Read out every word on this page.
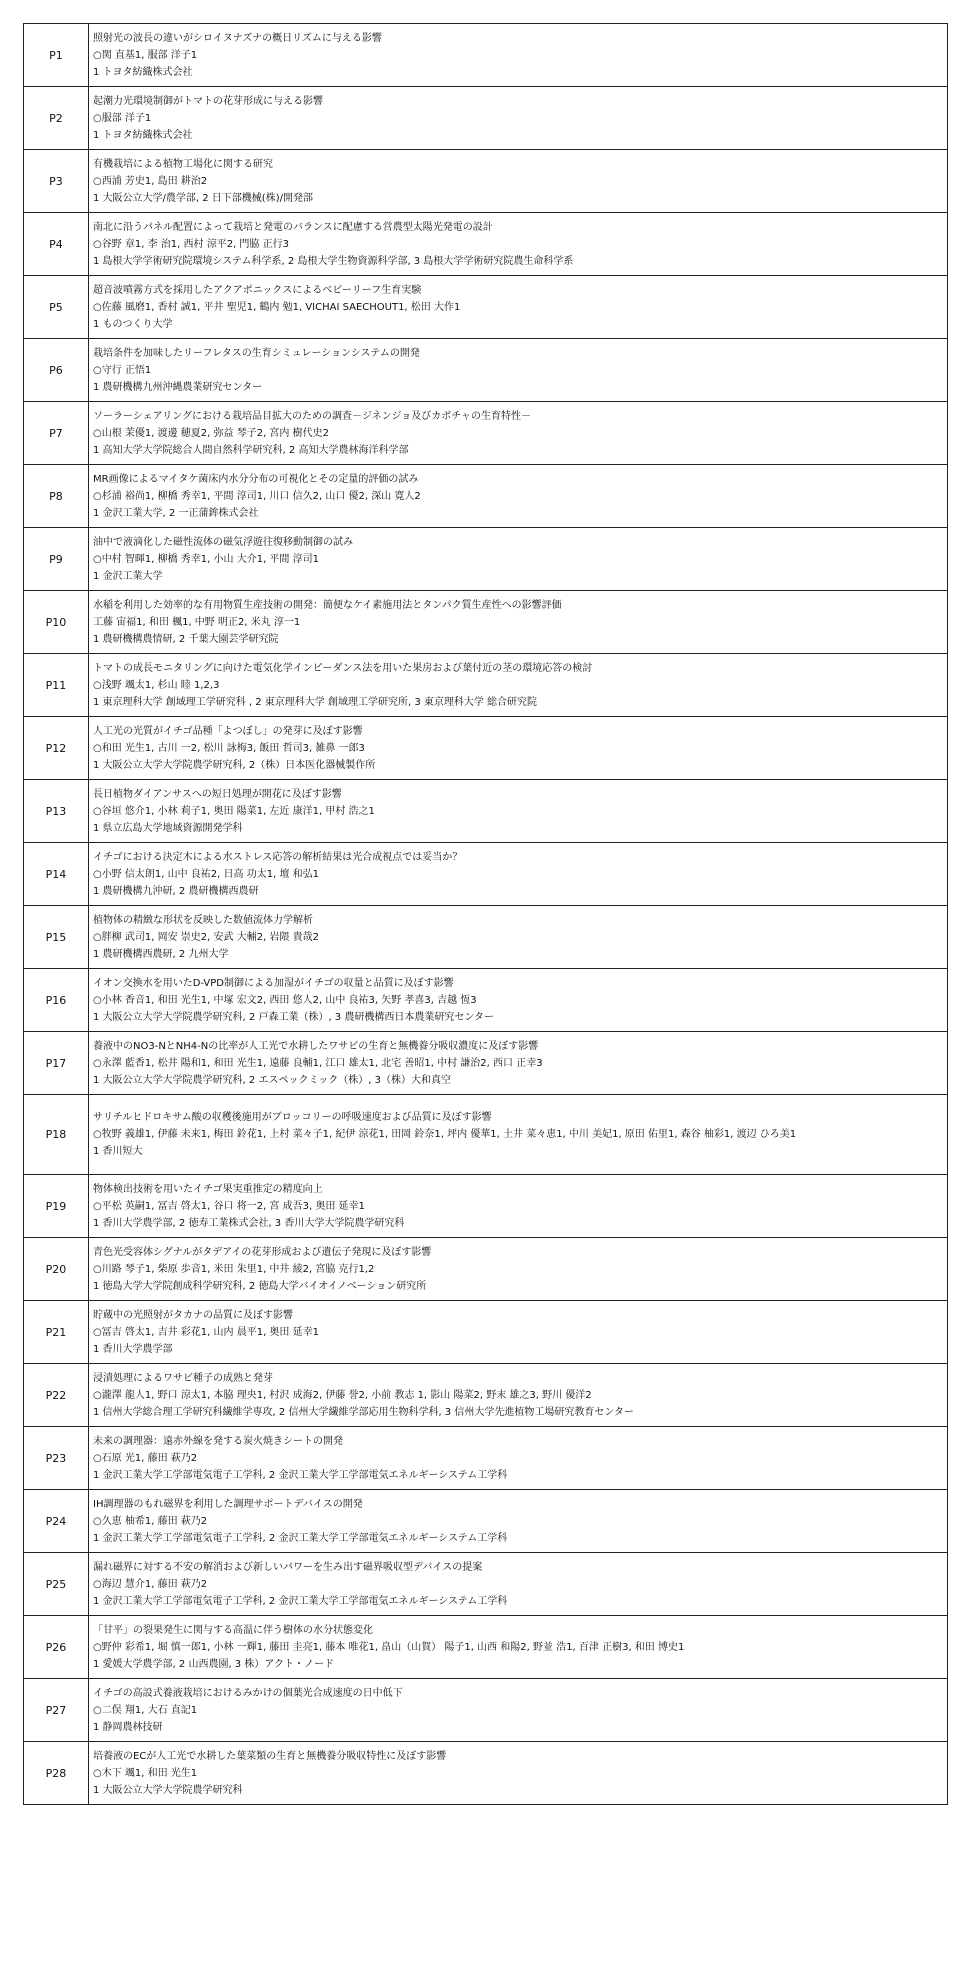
P1	照射光の波長の違いがシロイヌナズナの概日リズムに与える影響
○関 直基1, 服部 洋子1
1 トヨタ紡織株式会社

P2	起潮力光環境制御がトマトの花芽形成に与える影響
○服部 洋子1
1 トヨタ紡織株式会社

P3	有機栽培による植物工場化に関する研究
○西浦 芳史1, 島田 耕治2
1 大阪公立大学/農学部, 2 日下部機械(株)/開発部

P4	南北に沿うパネル配置によって栽培と発電のバランスに配慮する営農型太陽光発電の設計
○谷野 章1, 李 治1, 西村 涼平2, 門脇 正行3
1 島根大学学術研究院環境システム科学系, 2 島根大学生物資源科学部, 3 島根大学学術研究院農生命科学系

P5	超音波噴霧方式を採用したアクアポニックスによるベビーリーフ生育実験
○佐藤 風磨1, 香村 誠1, 平井 聖児1, 鶴内 勉1, VICHAI SAECHOUT1, 松田 大作1
1 ものつくり大学

P6	栽培条件を加味したリーフレタスの生育シミュレーションシステムの開発
○守行 正悟1
1 農研機構九州沖縄農業研究センター

P7	ソーラーシェアリングにおける栽培品目拡大のための調査－ジネンジョ及びカボチャの生育特性－
○山根 茉優1, 渡邊 穂夏2, 弥益 琴子2, 宮内 樹代史2
1 高知大学大学院総合人間自然科学研究科, 2 高知大学農林海洋科学部

P8	MR画像によるマイタケ菌床内水分分布の可視化とその定量的評価の試み
○杉浦 裕尚1, 柳橋 秀幸1, 平間 淳司1, 川口 信久2, 山口 優2, 深山 寛人2
1 金沢工業大学, 2 一正蒲鉾株式会社

P9	油中で液滴化した磁性流体の磁気浮遊往復移動制御の試み
○中村 智暉1, 柳橋 秀幸1, 小山 大介1, 平間 淳司1
1 金沢工業大学

P10	水稲を利用した効率的な有用物質生産技術の開発：簡便なケイ素施用法とタンパク質生産性への影響評価
工藤 宙福1, 和田 楓1, 中野 明正2, 米丸 淳一1
1 農研機構農情研, 2 千葉大園芸学研究院

P11	トマトの成長モニタリングに向けた電気化学インピーダンス法を用いた果房および葉付近の茎の環境応答の検討
○浅野 颯太1, 杉山 睦 1,2,3
1 東京理科大学 創域理工学研究科 , 2 東京理科大学 創域理工学研究所, 3 東京理科大学 総合研究院

P12	人工光の光質がイチゴ品種「よつぼし」の発芽に及ぼす影響
○和田 光生1, 古川 一2, 松川 詠梅3, 飯田 哲司3, 雑鼻 一郎3
1 大阪公立大学大学院農学研究科, 2（株）日本医化器械製作所

P13	長日植物ダイアンサスへの短日処理が開花に及ぼす影響
○谷垣 悠介1, 小林 莉子1, 奥田 陽菜1, 左近 康洋1, 甲村 浩之1
1 県立広島大学地域資源開発学科

P14	イチゴにおける決定木による水ストレス応答の解析結果は光合成視点では妥当か？
○小野 信太朗1, 山中 良祐2, 日高 功太1, 壇 和弘1
1 農研機構九沖研, 2 農研機構西農研

P15	植物体の精緻な形状を反映した数値流体力学解析
○胖柳 武司1, 岡安 崇史2, 安武 大輔2, 岩隈 貴哉2
1 農研機構西農研, 2 九州大学

P16	イオン交換水を用いたD-VPD制御による加湿がイチゴの収量と品質に及ぼす影響
○小林 香音1, 和田 光生1, 中塚 宏文2, 西田 悠人2, 山中 良祐3, 矢野 孝喜3, 吉越 恆3
1 大阪公立大学大学院農学研究科, 2 戸森工業（株）, 3 農研機構西日本農業研究センター

P17	養液中のNO3-NとNH4-Nの比率が人工光で水耕したワサビの生育と無機養分吸収濃度に及ぼす影響
○永澤 藍香1, 松井 陽和1, 和田 光生1, 遠藤 良輔1, 江口 雄太1, 北宅 善昭1, 中村 謙治2, 西口 正幸3
1 大阪公立大学大学院農学研究科, 2 エスペックミック（株）, 3（株）大和真空

P18	サリチルヒドロキサム酸の収穫後施用がブロッコリーの呼吸速度および品質に及ぼす影響
○牧野 義雄1, 伊藤 未来1, 梅田 鈴花1, 上村 菜々子1, 紀伊 涼花1, 田岡 鈴奈1, 坪内 優華1, 土井 菜々恵1, 中川 美妃1, 原田 佑里1, 森谷 柚彩1, 渡辺 ひろ美1
1 香川短大

P19	物体検出技術を用いたイチゴ果実重推定の精度向上
○平松 英嗣1, 冨吉 啓太1, 谷口 将一2, 宮 成吾3, 奥田 延幸1
1 香川大学農学部, 2 徳寿工業株式会社, 3 香川大学大学院農学研究科

P20	青色光受容体シグナルがタデアイの花芽形成および遺伝子発現に及ぼす影響
○川路 琴子1, 柴原 歩音1, 米田 朱里1, 中井 綾2, 宮脇 克行1,2
1 徳島大学大学院創成科学研究科, 2 徳島大学バイオイノベーション研究所

P21	貯蔵中の光照射がタカナの品質に及ぼす影響
○冨吉 啓太1, 吉井 彩花1, 山内 晨平1, 奥田 延幸1
1 香川大学農学部

P22	浸漬処理によるワサビ種子の成熟と発芽
○瀧澤 龍人1, 野口 涼太1, 本脇 理央1, 村沢 成海2, 伊藤 誉2, 小前 教志 1, 影山 陽菜2, 野末 雄之3, 野川 優洋2
1 信州大学総合理工学研究科繊維学専攻, 2 信州大学繊維学部応用生物科学科, 3 信州大学先進植物工場研究教育センター

P23	未来の調理器：遠赤外線を発する炭火焼きシートの開発
○石原 光1, 藤田 萩乃2
1 金沢工業大学工学部電気電子工学科, 2 金沢工業大学工学部電気エネルギーシステム工学科

P24	IH調理器のもれ磁界を利用した調理サポートデバイスの開発
○久恵 柚希1, 藤田 萩乃2
1 金沢工業大学工学部電気電子工学科, 2 金沢工業大学工学部電気エネルギーシステム工学科

P25	漏れ磁界に対する不安の解消および新しいパワーを生み出す磁界吸収型デバイスの提案
○海辺 慧介1, 藤田 萩乃2
1 金沢工業大学工学部電気電子工学科, 2 金沢工業大学工学部電気エネルギーシステム工学科

P26	「甘平」の裂果発生に関与する高温に伴う樹体の水分状態変化
○野仲 彩希1, 堀 慎一郎1, 小林 一輝1, 藤田 圭亮1, 藤本 唯花1, 畠山（山賀） 陽子1, 山西 和陽2, 野並 浩1, 百津 正樹3, 和田 博史1
1 愛媛大学農学部, 2 山西農園, 3 株）アクト・ノード

P27	イチゴの高設式養液栽培におけるみかけの個葉光合成速度の日中低下
○二俣 翔1, 大石 直記1
1 静岡農林技研

P28	培養液のECが人工光で水耕した葉菜類の生育と無機養分吸収特性に及ぼす影響
○木下 颯1, 和田 光生1
1 大阪公立大学大学院農学研究科
